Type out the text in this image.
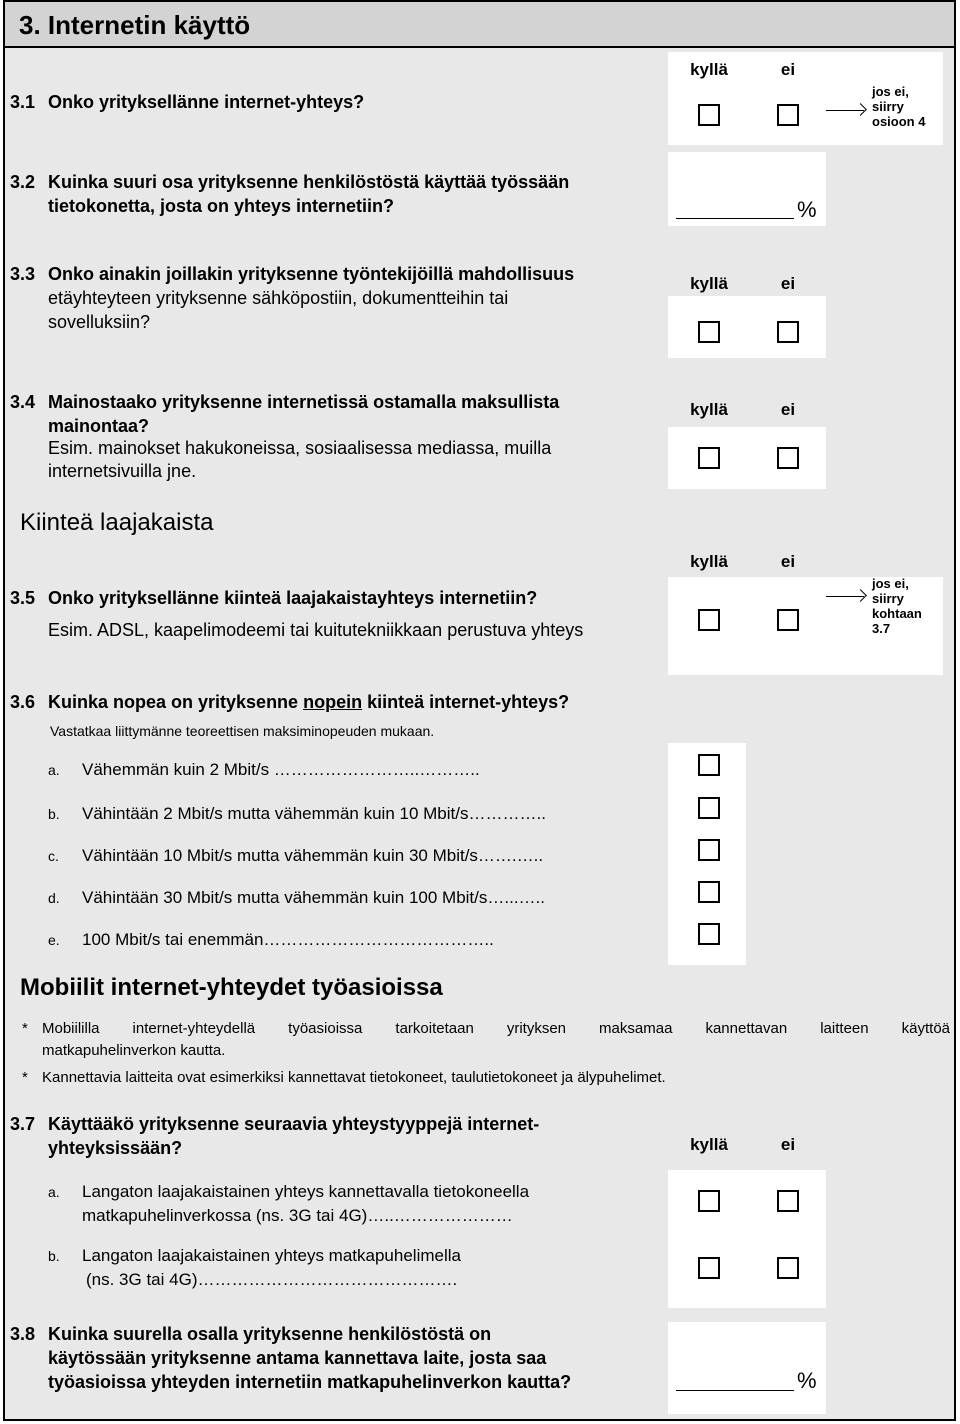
3. Internetin käyttö
kyllä	ei
3.1 Onko yrityksellänne internet-yhteys?
jos ei,
siirry
osioon 4
3.2 Kuinka suuri osa yrityksenne henkilöstöstä käyttää työssään
tietokonetta, josta on yhteys internetiin?	%
3.3 Onko ainakin joillakin yrityksenne työntekijöillä mahdollisuus
etäyhteyteen yrityksenne sähköpostiin, dokumentteihin tai
sovelluksiin?
kyllä	ei
3.4 Mainostaako yrityksenne internetissä ostamalla maksullista
mainontaa?
Esim. mainokset hakukoneissa, sosiaalisessa mediassa, muilla
internetsivuilla jne.
kyllä	ei
Kiinteä laajakaista
kyllä	ei
3.5 Onko yrityksellänne kiinteä laajakaistayhteys internetiin?
Esim. ADSL, kaapelimodeemi tai kuitutekniikkaan perustuva yhteys
jos ei,
siirry
kohtaan
3.7
3.6 Kuinka nopea on yrityksenne nopein kiinteä internet-yhteys?
Vastatkaa liittymänne teoreettisen maksiminopeuden mukaan.
a. Vähemmän kuin 2 Mbit/s ……………………..………..
b. Vähintään 2 Mbit/s mutta vähemmän kuin 10 Mbit/s…………..
c. Vähintään 10 Mbit/s mutta vähemmän kuin 30 Mbit/s…….…..
d. Vähintään 30 Mbit/s mutta vähemmän kuin 100 Mbit/s…...…..
e. 100 Mbit/s tai enemmän…………………………………..
Mobiilit internet-yhteydet työasioissa
* Mobiililla internet-yhteydellä työasioissa tarkoitetaan yrityksen maksamaa kannettavan laitteen käyttöä
matkapuhelinverkon kautta.
* Kannettavia laitteita ovat esimerkiksi kannettavat tietokoneet, taulutietokoneet ja älypuhelimet.
3.7 Käyttääkö yrityksenne seuraavia yhteystyyppejä internet-
yhteyksissään?	kyllä	ei
a. Langaton laajakaistainen yhteys kannettavalla tietokoneella
matkapuhelinverkossa (ns. 3G tai 4G)…..…………………
b. Langaton laajakaistainen yhteys matkapuhelimella
(ns. 3G tai 4G)……………………………………….
3.8 Kuinka suurella osalla yrityksenne henkilöstöstä on
käytössään yrityksenne antama kannettava laite, josta saa
työasioissa yhteyden internetiin matkapuhelinverkon kautta?	%
